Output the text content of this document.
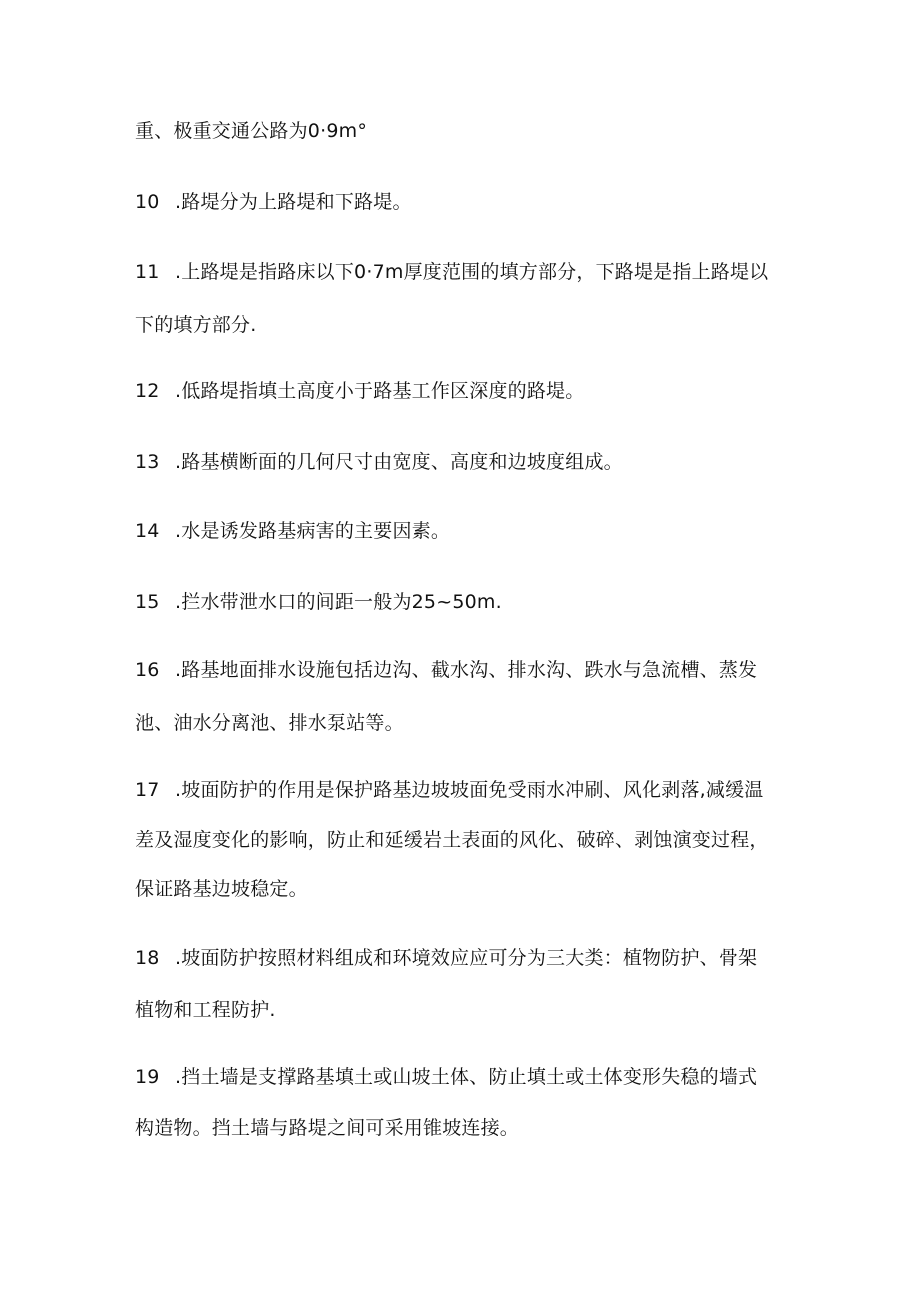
重、极重交通公路为0·9m°
10 .路堤分为上路堤和下路堤。
11 .上路堤是指路床以下0·7m厚度范围的填方部分，下路堤是指上路堤以
下的填方部分.
12 .低路堤指填土高度小于路基工作区深度的路堤。
13 .路基横断面的几何尺寸由宽度、高度和边坡度组成。
14 .水是诱发路基病害的主要因素。
15 .拦水带泄水口的间距一般为25~50m.
16 .路基地面排水设施包括边沟、截水沟、排水沟、跌水与急流槽、蒸发
池、油水分离池、排水泵站等。
17 .坡面防护的作用是保护路基边坡坡面免受雨水冲刷、风化剥落,减缓温
差及湿度变化的影响，防止和延缓岩土表面的风化、破碎、剥蚀演变过程，
保证路基边坡稳定。
18 .坡面防护按照材料组成和环境效应应可分为三大类：植物防护、骨架
植物和工程防护.
19 .挡土墙是支撑路基填土或山坡土体、防止填土或土体变形失稳的墙式
构造物。挡土墙与路堤之间可采用锥坡连接。
